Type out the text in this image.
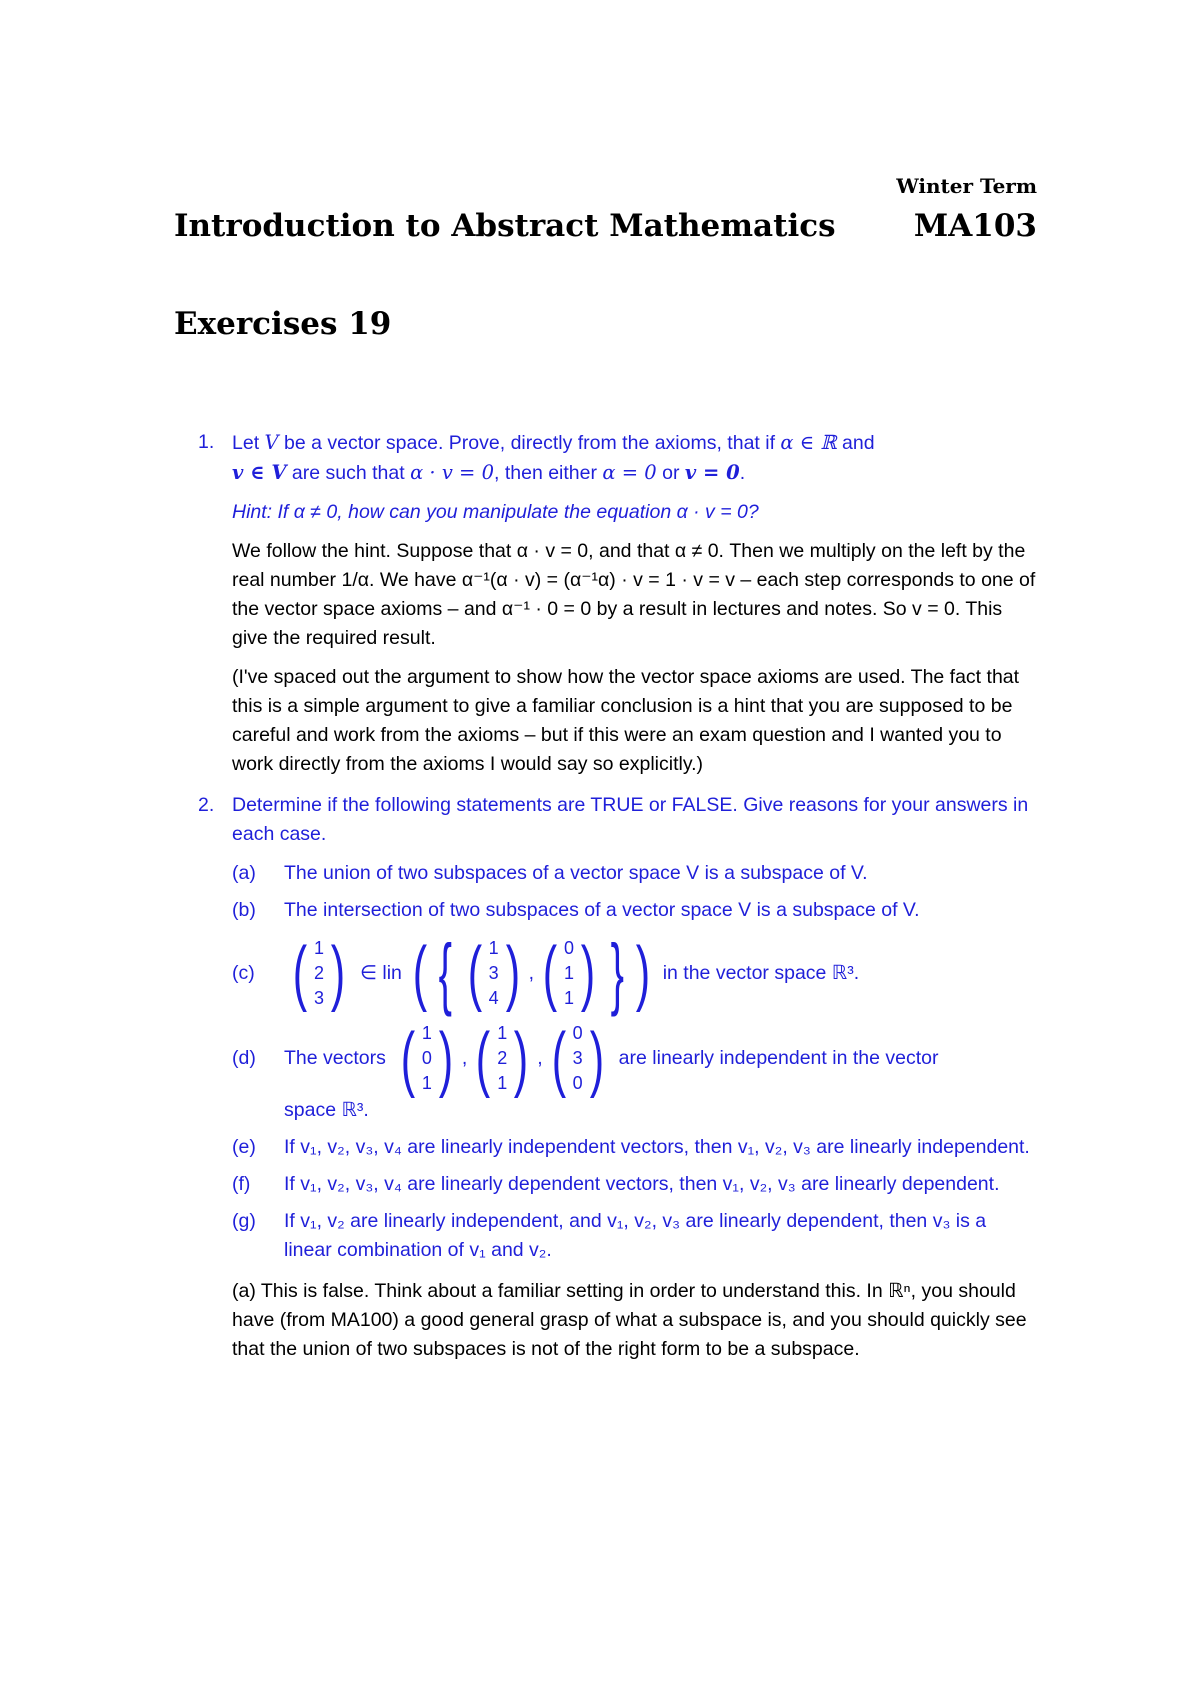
Winter Term
Introduction to Abstract Mathematics	MA103
Exercises 19
1. Let V be a vector space. Prove, directly from the axioms, that if α ∈ ℝ and
v ∈ V are such that α · v = 0, then either α = 0 or v = 0.

Hint: If α ≠ 0, how can you manipulate the equation α · v = 0?

We follow the hint. Suppose that α · v = 0, and that α ≠ 0. Then we multiply on the left by the real number 1/α. We have α⁻¹(α · v) = (α⁻¹α) · v = 1 · v = v – each step corresponds to one of the vector space axioms – and α⁻¹ · 0 = 0 by a result in lectures and notes. So v = 0. This give the required result.

(I've spaced out the argument to show how the vector space axioms are used. The fact that this is a simple argument to give a familiar conclusion is a hint that you are supposed to be careful and work from the axioms – but if this were an exam question and I wanted you to work directly from the axioms I would say so explicitly.)

2. Determine if the following statements are TRUE or FALSE. Give reasons for your answers in each case.

(a) The union of two subspaces of a vector space V is a subspace of V.
(b) The intersection of two subspaces of a vector space V is a subspace of V.
(c) ( 1
2
3 ) ∈ lin ( { ( 1
3
4 ) , ( 0
1
1 ) } ) in the vector space ℝ³.
(d)	The vectors ( 1
0
1 ) , ( 1
2
1 ) , ( 0
3
0 ) are linearly independent in the vector
space ℝ³.
(e) If v₁, v₂, v₃, v₄ are linearly independent vectors, then v₁, v₂, v₃ are linearly independent.
(f) If v₁, v₂, v₃, v₄ are linearly dependent vectors, then v₁, v₂, v₃ are linearly dependent.
(g) If v₁, v₂ are linearly independent, and v₁, v₂, v₃ are linearly dependent, then v₃ is a linear combination of v₁ and v₂.

(a) This is false. Think about a familiar setting in order to understand this. In ℝⁿ, you should have (from MA100) a good general grasp of what a subspace is, and you should quickly see that the union of two subspaces is not of the right form to be a subspace.
